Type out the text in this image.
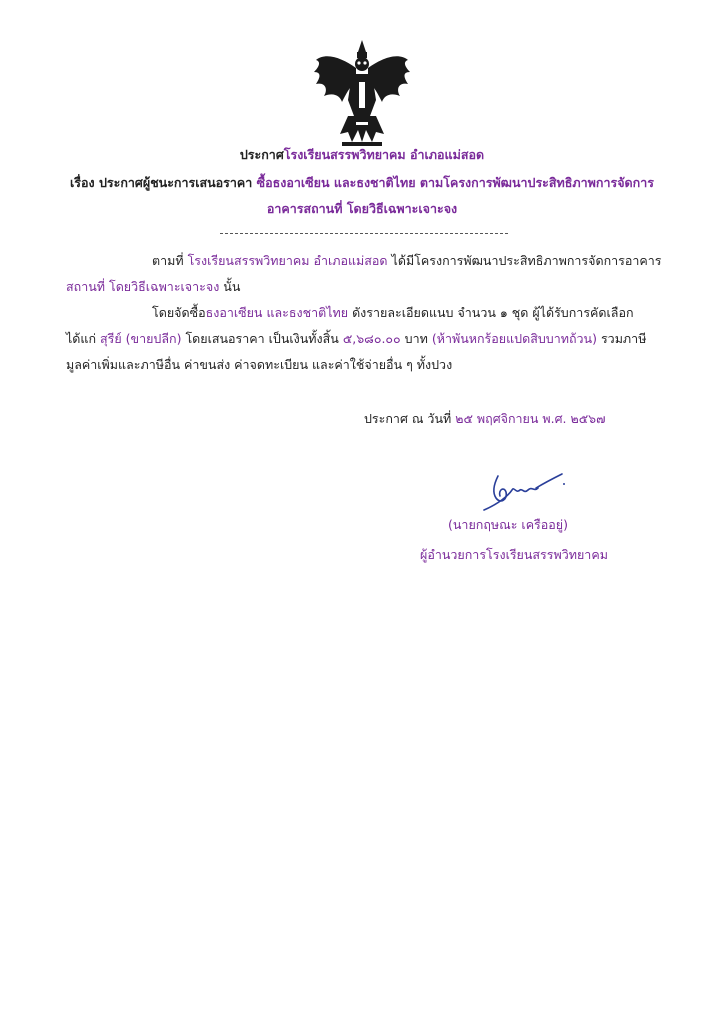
ประกาศโรงเรียนสรรพวิทยาคม อำเภอแม่สอด
เรื่อง ประกาศผู้ชนะการเสนอราคา ซื้อธงอาเซียน และธงชาติไทย ตามโครงการพัฒนาประสิทธิภาพการจัดการ
อาคารสถานที่ โดยวิธีเฉพาะเจาะจง
ตามที่ โรงเรียนสรรพวิทยาคม อำเภอแม่สอด ได้มีโครงการพัฒนาประสิทธิภาพการจัดการอาคาร
สถานที่ โดยวิธีเฉพาะเจาะจง นั้น
โดยจัดซื้อธงอาเซียน และธงชาติไทย ดังรายละเอียดแนบ จำนวน ๑ ชุด ผู้ได้รับการคัดเลือก
ได้แก่ สุรีย์ (ขายปลีก) โดยเสนอราคา เป็นเงินทั้งสิ้น ๕,๖๘๐.๐๐ บาท (ห้าพันหกร้อยแปดสิบบาทถ้วน) รวมภาษี
มูลค่าเพิ่มและภาษีอื่น ค่าขนส่ง ค่าจดทะเบียน และค่าใช้จ่ายอื่น ๆ ทั้งปวง
ประกาศ ณ วันที่ ๒๕ พฤศจิกายน พ.ศ. ๒๕๖๗
(นายกฤษณะ เครืออยู่)
ผู้อำนวยการโรงเรียนสรรพวิทยาคม
